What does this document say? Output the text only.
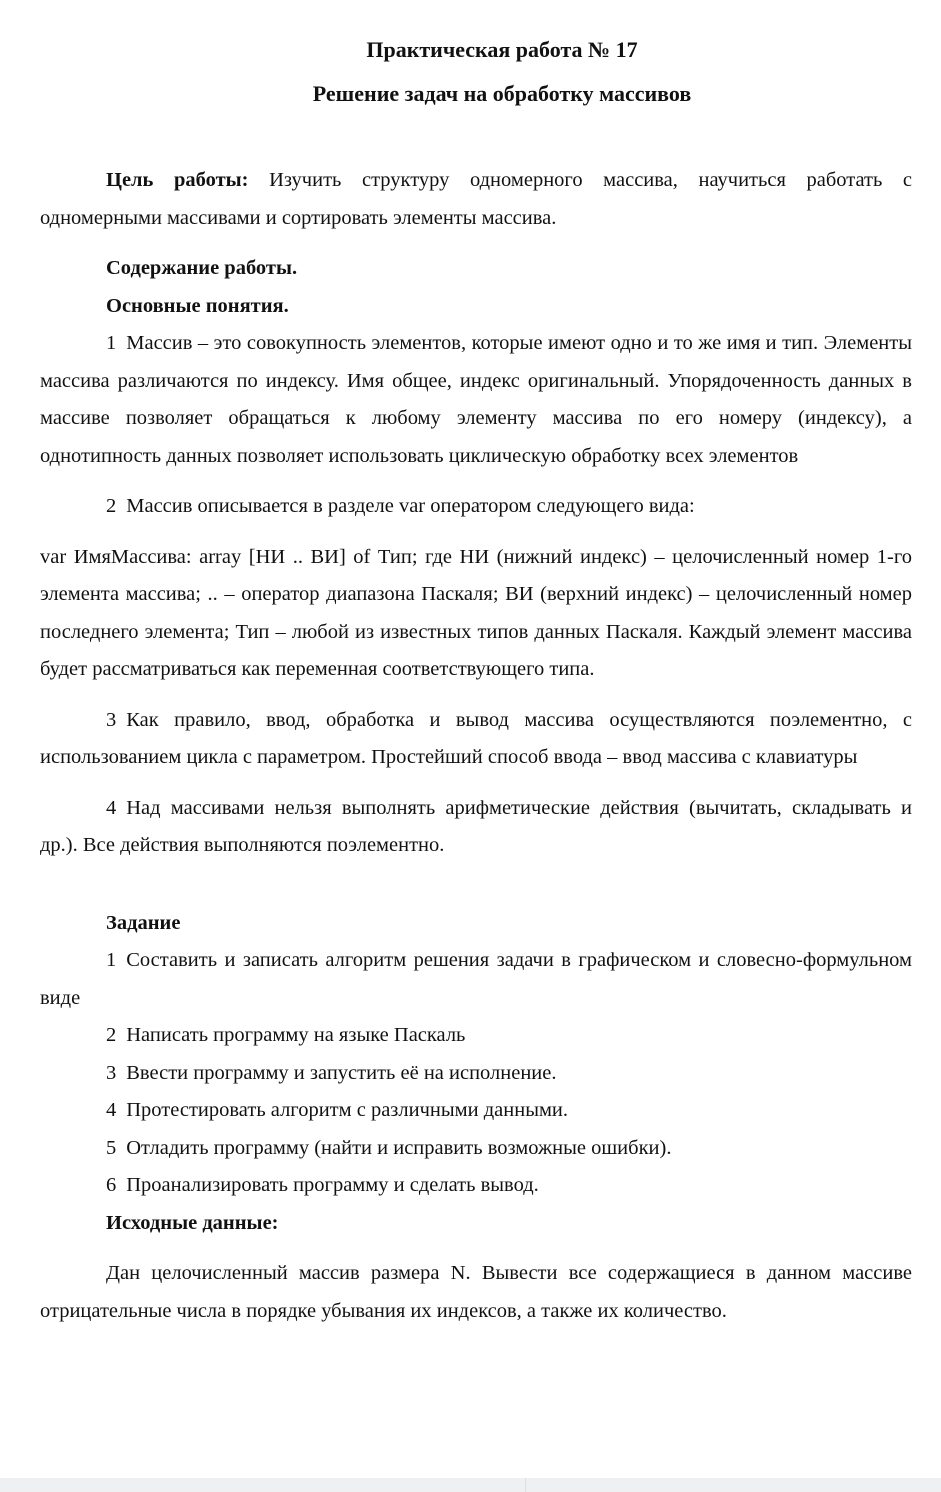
Практическая работа № 17
Решение задач на обработку массивов

Цель работы: Изучить структуру одномерного массива, научиться работать с одномерными массивами и сортировать элементы массива.

Содержание работы.

Основные понятия.

1 Массив – это совокупность элементов, которые имеют одно и то же имя и тип. Элементы массива различаются по индексу. Имя общее, индекс оригинальный. Упорядоченность данных в массиве позволяет обращаться к любому элементу массива по его номеру (индексу), а однотипность данных позволяет использовать циклическую обработку всех элементов

2 Массив описывается в разделе var оператором следующего вида:

var ИмяМассива: array [НИ .. ВИ] of Тип; где НИ (нижний индекс) – целочисленный номер 1-го элемента массива; .. – оператор диапазона Паскаля; ВИ (верхний индекс) – целочисленный номер последнего элемента; Тип – любой из известных типов данных Паскаля. Каждый элемент массива будет рассматриваться как переменная соответствующего типа.

3 Как правило, ввод, обработка и вывод массива осуществляются поэлементно, с использованием цикла с параметром. Простейший способ ввода – ввод массива с клавиатуры

4 Над массивами нельзя выполнять арифметические действия (вычитать, складывать и др.). Все действия выполняются поэлементно.

Задание

1 Составить и записать алгоритм решения задачи в графическом и словесно-формульном виде

2 Написать программу на языке Паскаль

3 Ввести программу и запустить её на исполнение.

4 Протестировать алгоритм с различными данными.

5 Отладить программу (найти и исправить возможные ошибки).

6 Проанализировать программу и сделать вывод.

Исходные данные:

Дан целочисленный массив размера N. Вывести все содержащиеся в данном массиве отрицательные числа в порядке убывания их индексов, а также их количество.
